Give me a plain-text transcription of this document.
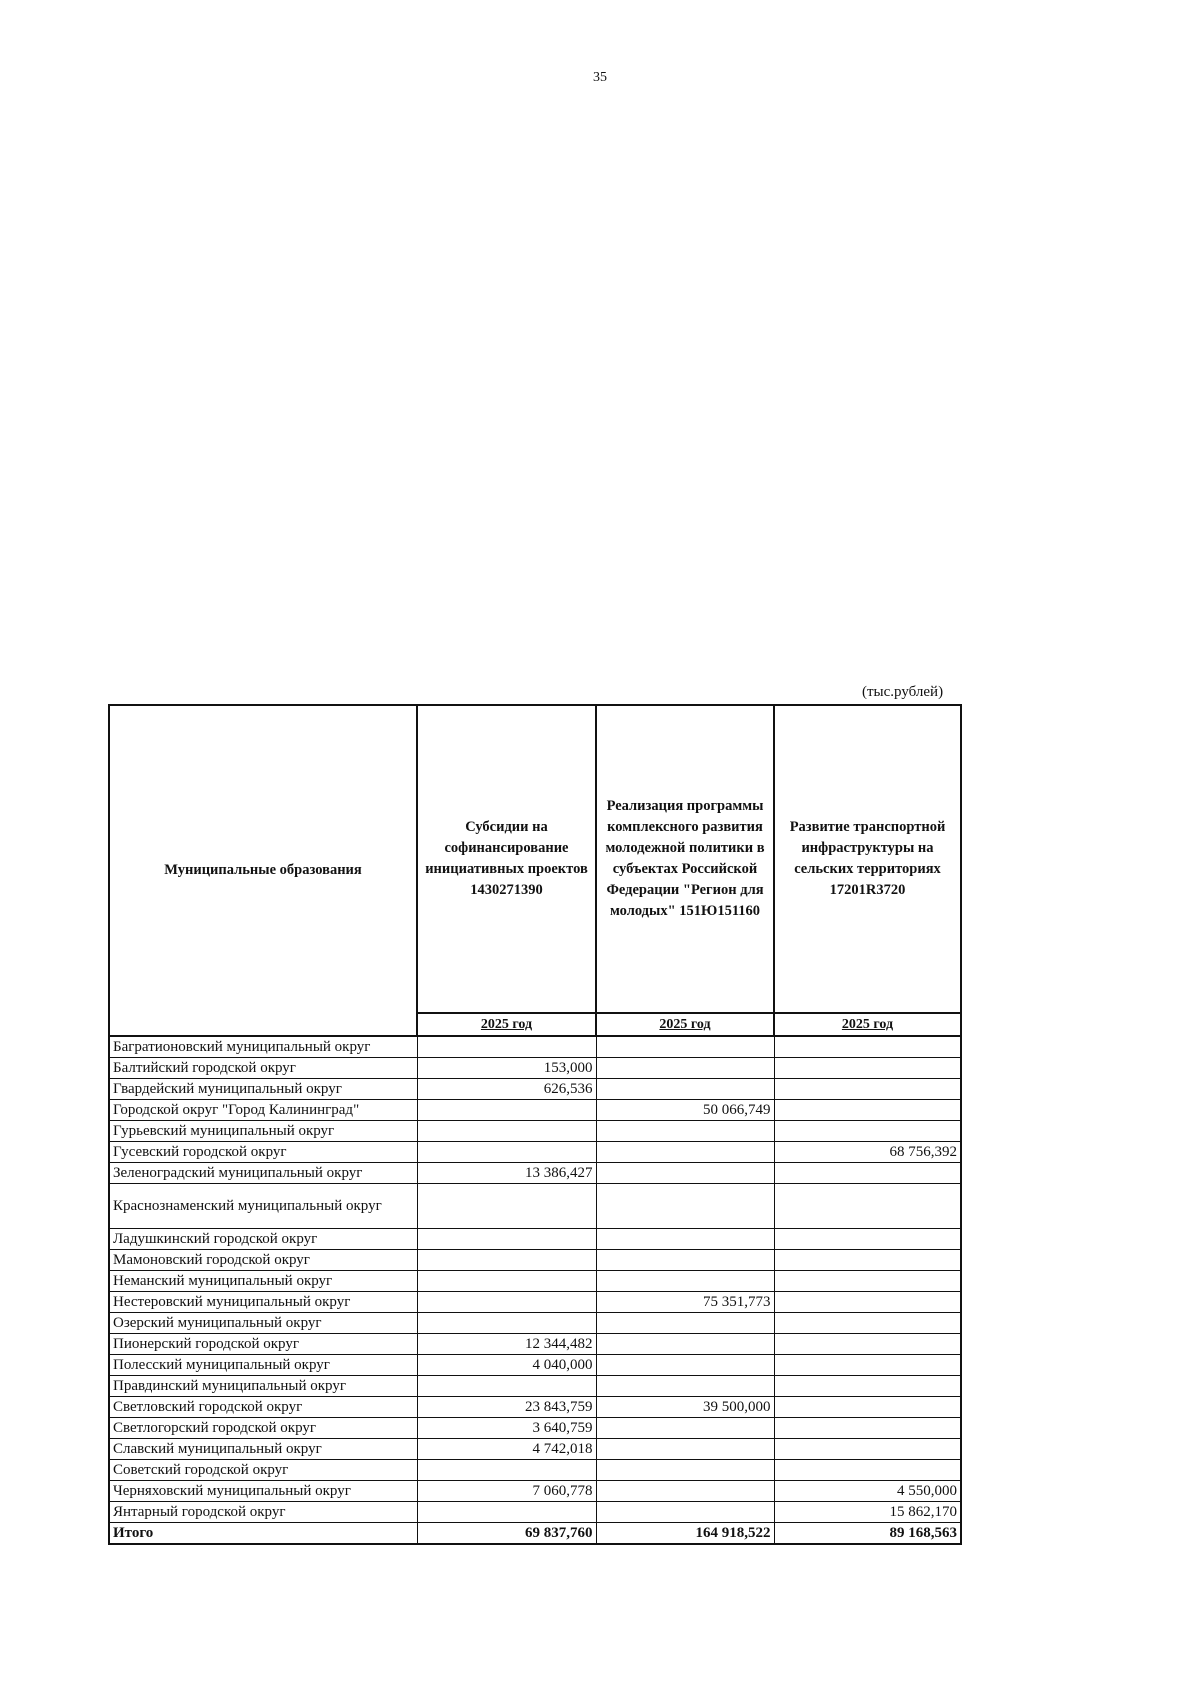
35
(тыс.рублей)
Муниципальные образования	Субсидии на софинансирование инициативных проектов 1430271390	Реализация программы комплексного развития молодежной политики в субъектах Российской Федерации "Регион для молодых" 151Ю151160	Развитие транспортной инфраструктуры на сельских территориях 17201R3720

	2025 год	2025 год	2025 год
Багратионовский муниципальный округ			
Балтийский городской округ	153,000		
Гвардейский муниципальный округ	626,536		
Городской округ "Город Калининград"		50 066,749	
Гурьевский муниципальный округ			
Гусевский городской округ			68 756,392
Зеленоградский муниципальный округ	13 386,427		
Краснознаменский муниципальный округ			
Ладушкинский городской округ			
Мамоновский городской округ			
Неманский муниципальный округ			
Нестеровский муниципальный округ		75 351,773	
Озерский муниципальный округ			
Пионерский городской округ	12 344,482		
Полесский муниципальный округ	4 040,000		
Правдинский муниципальный округ			
Светловский городской округ	23 843,759	39 500,000	
Светлогорский городской округ	3 640,759		
Славский муниципальный округ	4 742,018		
Советский городской округ			
Черняховский муниципальный округ	7 060,778		4 550,000
Янтарный городской округ			15 862,170
Итого	69 837,760	164 918,522	89 168,563
